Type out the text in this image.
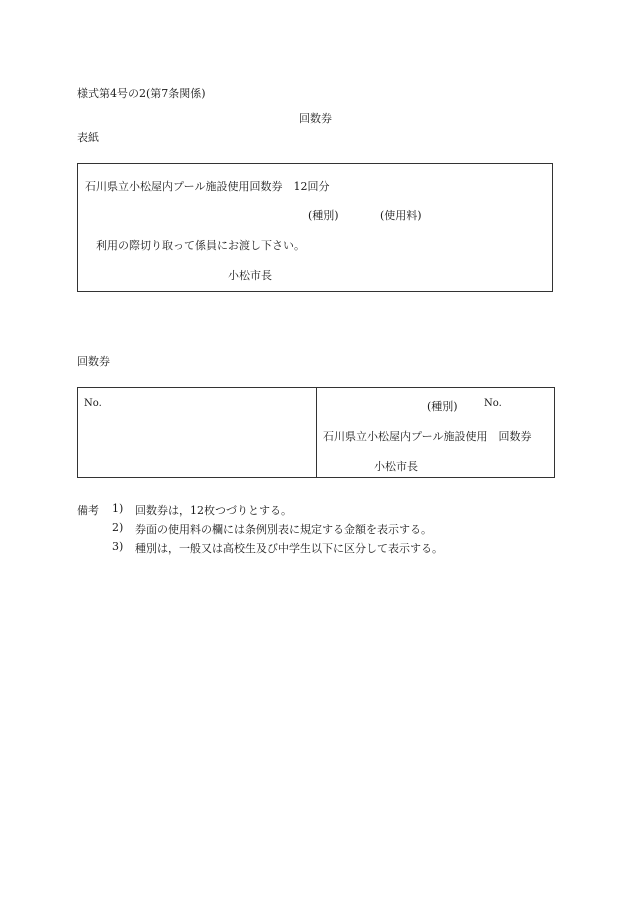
様式第4号の2(第7条関係)
回数券
表紙
石川県立小松屋内プール施設使用回数券　12回分
(種別)	(使用料)
利用の際切り取って係員にお渡し下さい。
小松市長
回数券
No.	(種別)	No.
石川県立小松屋内プール施設使用　回数券
小松市長
備考 1) 回数券は，12枚つづりとする。
2) 券面の使用料の欄には条例別表に規定する金額を表示する。
3) 種別は，一般又は高校生及び中学生以下に区分して表示する。
